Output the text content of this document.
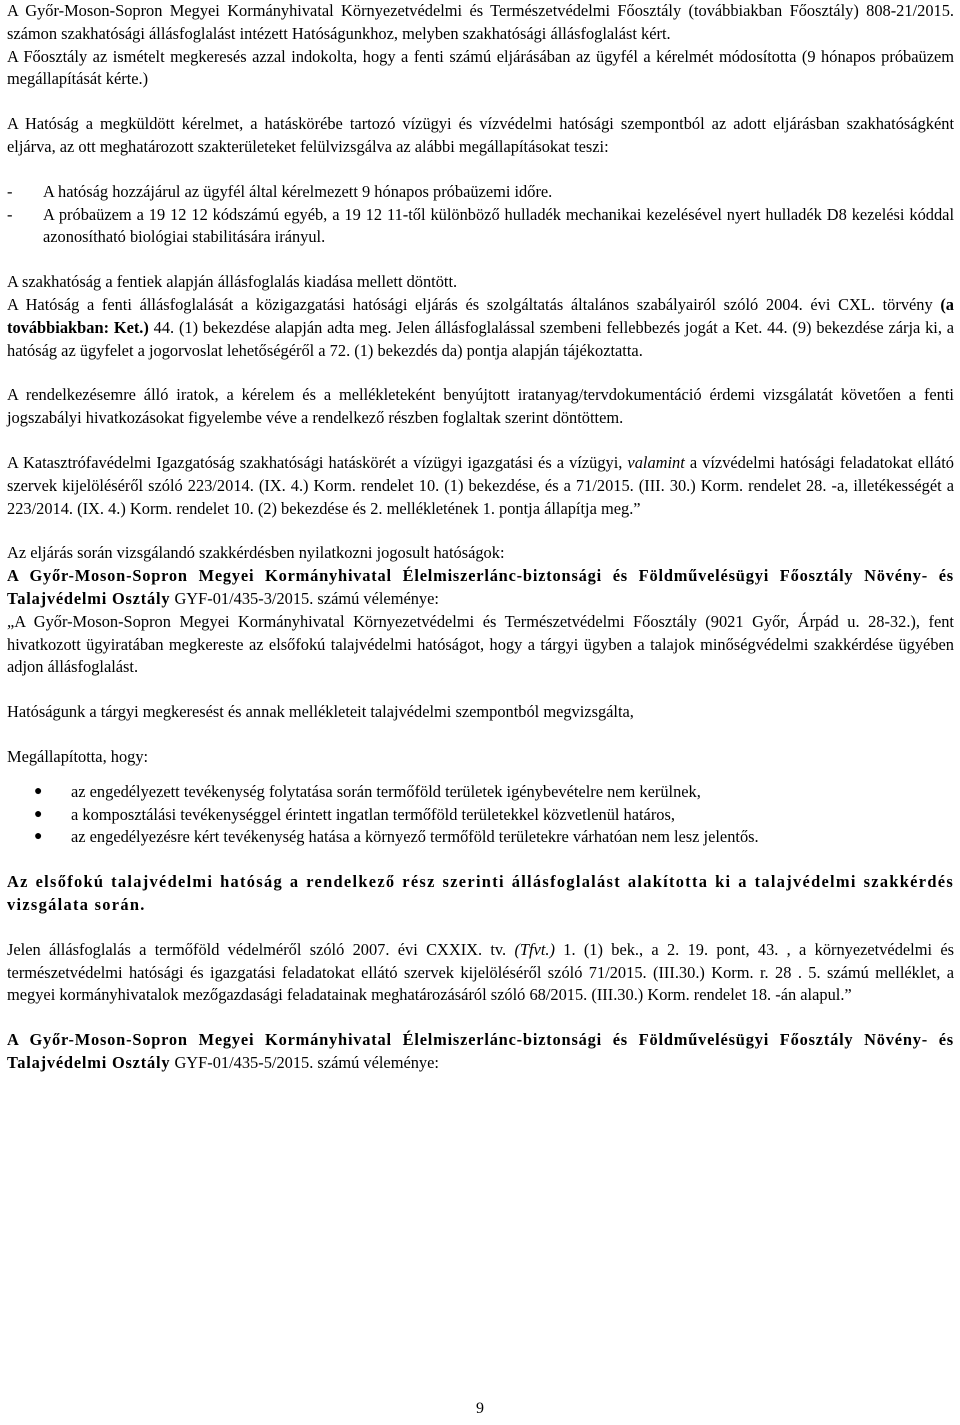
A Győr-Moson-Sopron Megyei Kormányhivatal Környezetvédelmi és Természetvédelmi Főosztály (továbbiakban Főosztály) 808-21/2015. számon szakhatósági állásfoglalást intézett Hatóságunkhoz, melyben szakhatósági állásfoglalást kért.

A Főosztály az ismételt megkeresés azzal indokolta, hogy a fenti számú eljárásában az ügyfél a kérelmét módosította (9 hónapos próbaüzem megállapítását kérte.)

A Hatóság a megküldött kérelmet, a hatáskörébe tartozó vízügyi és vízvédelmi hatósági szempontból az adott eljárásban szakhatóságként eljárva, az ott meghatározott szakterületeket felülvizsgálva az alábbi megállapításokat teszi:

- A hatóság hozzájárul az ügyfél által kérelmezett 9 hónapos próbaüzemi időre.
- A próbaüzem a 19 12 12 kódszámú egyéb, a 19 12 11-től különböző hulladék mechanikai kezelésével nyert hulladék D8 kezelési kóddal azonosítható biológiai stabilitására irányul.

A szakhatóság a fentiek alapján állásfoglalás kiadása mellett döntött.

A Hatóság a fenti állásfoglalását a közigazgatási hatósági eljárás és szolgáltatás általános szabályairól szóló 2004. évi CXL. törvény (a továbbiakban: Ket.) 44. (1) bekezdése alapján adta meg. Jelen állásfoglalással szembeni fellebbezés jogát a Ket. 44. (9) bekezdése zárja ki, a hatóság az ügyfelet a jogorvoslat lehetőségéről a 72. (1) bekezdés da) pontja alapján tájékoztatta.

A rendelkezésemre álló iratok, a kérelem és a mellékleteként benyújtott iratanyag/tervdokumentáció érdemi vizsgálatát követően a fenti jogszabályi hivatkozásokat figyelembe véve a rendelkező részben foglaltak szerint döntöttem.

A Katasztrófavédelmi Igazgatóság szakhatósági hatáskörét a vízügyi igazgatási és a vízügyi, valamint a vízvédelmi hatósági feladatokat ellátó szervek kijelöléséről szóló 223/2014. (IX. 4.) Korm. rendelet 10. (1) bekezdése, és a 71/2015. (III. 30.) Korm. rendelet 28. -a, illetékességét a 223/2014. (IX. 4.) Korm. rendelet 10. (2) bekezdése és 2. mellékletének 1. pontja állapítja meg.”

Az eljárás során vizsgálandó szakkérdésben nyilatkozni jogosult hatóságok:

A Győr-Moson-Sopron Megyei Kormányhivatal Élelmiszerlánc-biztonsági és Földművelésügyi Főosztály Növény- és Talajvédelmi Osztály GYF-01/435-3/2015. számú véleménye:

„A Győr-Moson-Sopron Megyei Kormányhivatal Környezetvédelmi és Természetvédelmi Főosztály (9021 Győr, Árpád u. 28-32.), fent hivatkozott ügyiratában megkereste az elsőfokú talajvédelmi hatóságot, hogy a tárgyi ügyben a talajok minőségvédelmi szakkérdése ügyében adjon állásfoglalást.

Hatóságunk a tárgyi megkeresést és annak mellékleteit talajvédelmi szempontból megvizsgálta,

Megállapította, hogy:

● az engedélyezett tevékenység folytatása során termőföld területek igénybevételre nem kerülnek,
● a komposztálási tevékenységgel érintett ingatlan termőföld területekkel közvetlenül határos,
● az engedélyezésre kért tevékenység hatása a környező termőföld területekre várhatóan nem lesz jelentős.

Az elsőfokú talajvédelmi hatóság a rendelkező rész szerinti állásfoglalást alakította ki a talajvédelmi szakkérdés vizsgálata során.

Jelen állásfoglalás a termőföld védelméről szóló 2007. évi CXXIX. tv. (Tfvt.) 1. (1) bek., a 2. 19. pont, 43. , a környezetvédelmi és természetvédelmi hatósági és igazgatási feladatokat ellátó szervek kijelöléséről szóló 71/2015. (III.30.) Korm. r. 28 . 5. számú melléklet, a megyei kormányhivatalok mezőgazdasági feladatainak meghatározásáról szóló 68/2015. (III.30.) Korm. rendelet 18. -án alapul.”

A Győr-Moson-Sopron Megyei Kormányhivatal Élelmiszerlánc-biztonsági és Földművelésügyi Főosztály Növény- és Talajvédelmi Osztály GYF-01/435-5/2015. számú véleménye:

9
